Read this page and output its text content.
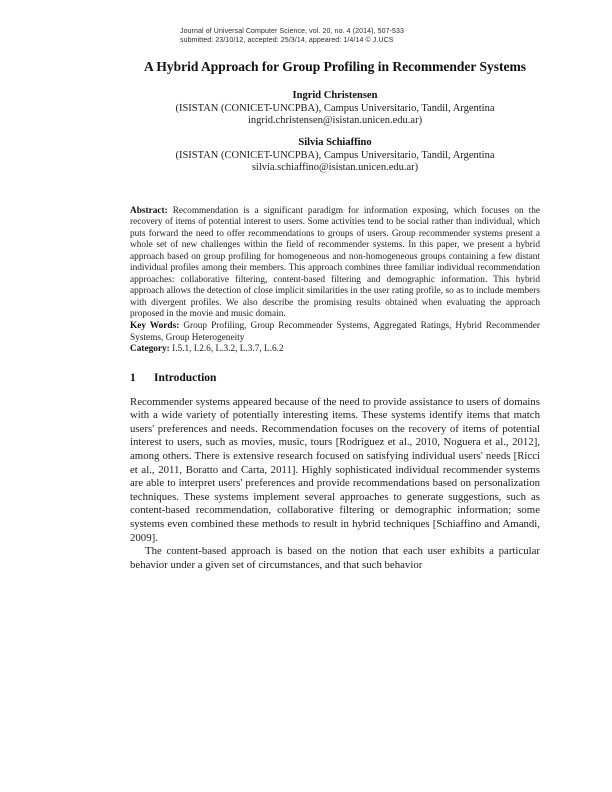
Journal of Universal Computer Science, vol. 20, no. 4 (2014), 507-533
submitted: 23/10/12, accepted: 25/3/14, appeared: 1/4/14 © J.UCS
A Hybrid Approach for Group Profiling in Recommender Systems
Ingrid Christensen
(ISISTAN (CONICET-UNCPBA), Campus Universitario, Tandil, Argentina
ingrid.christensen@isistan.unicen.edu.ar)
Silvia Schiaffino
(ISISTAN (CONICET-UNCPBA), Campus Universitario, Tandil, Argentina
silvia.schiaffino@isistan.unicen.edu.ar)

Abstract: Recommendation is a significant paradigm for information exposing, which focuses on the recovery of items of potential interest to users. Some activities tend to be social rather than individual, which puts forward the need to offer recommendations to groups of users. Group recommender systems present a whole set of new challenges within the field of recommender systems. In this paper, we present a hybrid approach based on group profiling for homogeneous and non-homogeneous groups containing a few distant individual profiles among their members. This approach combines three familiar individual recommendation approaches: collaborative filtering, content-based filtering and demographic information. This hybrid approach allows the detection of close implicit similarities in the user rating profile, so as to include members with divergent profiles. We also describe the promising results obtained when evaluating the approach proposed in the movie and music domain.

Key Words: Group Profiling, Group Recommender Systems, Aggregated Ratings, Hybrid Recommender Systems, Group Heterogeneity

Category: I.5.1, I.2.6, L.3.2, L.3.7, L.6.2

1 Introduction

Recommender systems appeared because of the need to provide assistance to users of domains with a wide variety of potentially interesting items. These systems identify items that match users' preferences and needs. Recommendation focuses on the recovery of items of potential interest to users, such as movies, music, tours [Rodríguez et al., 2010, Noguera et al., 2012], among others. There is extensive research focused on satisfying individual users' needs [Ricci et al., 2011, Boratto and Carta, 2011]. Highly sophisticated individual recommender systems are able to interpret users' preferences and provide recommendations based on personalization techniques. These systems implement several approaches to generate suggestions, such as content-based recommendation, collaborative filtering or demographic information; some systems even combined these methods to result in hybrid techniques [Schiaffino and Amandi, 2009].

The content-based approach is based on the notion that each user exhibits a particular behavior under a given set of circumstances, and that such behavior
